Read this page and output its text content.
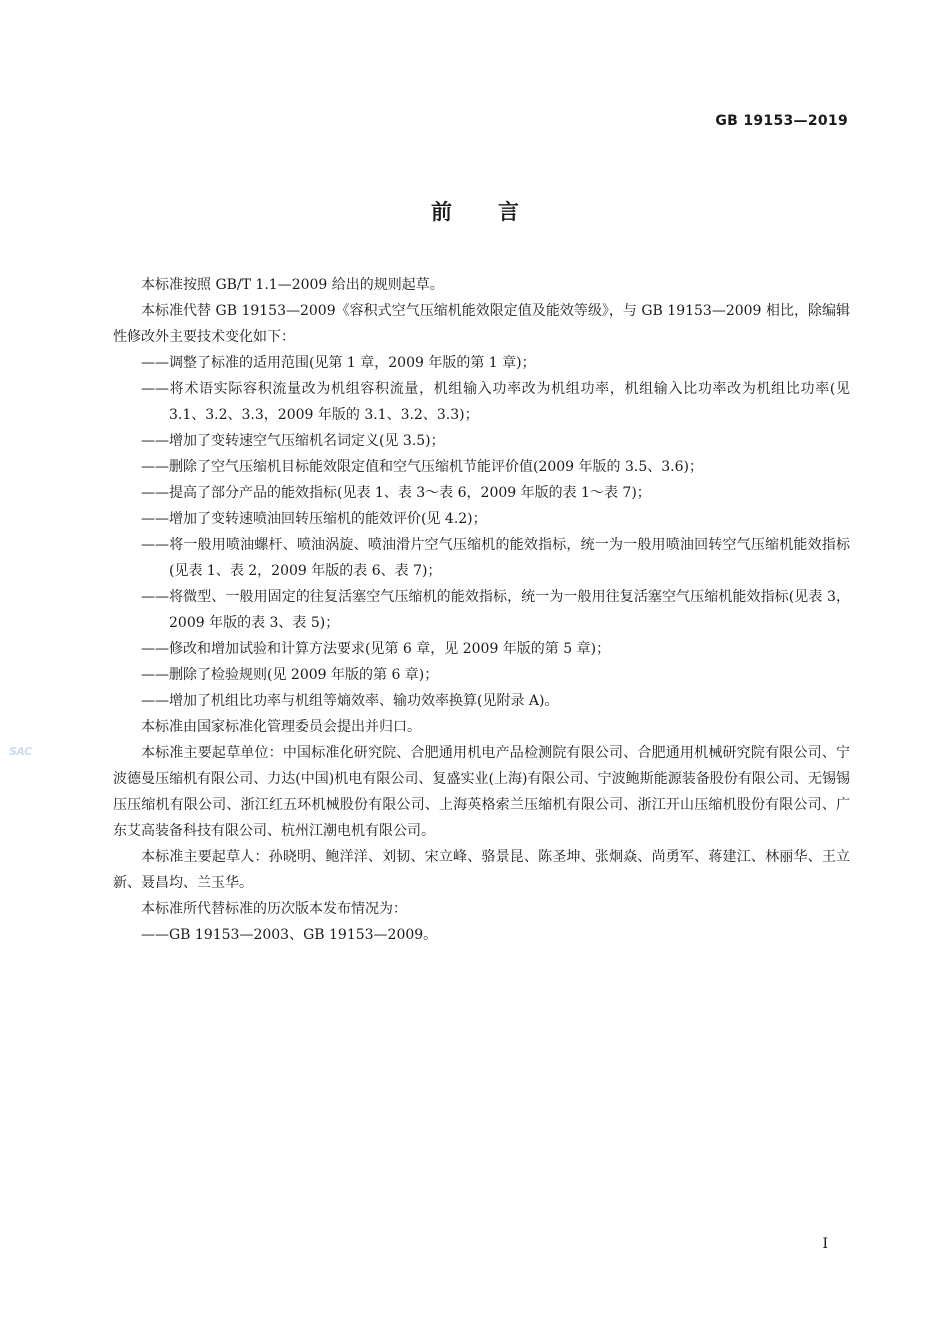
GB 19153—2019
前言
SAC

本标准按照 GB/T 1.1—2009 给出的规则起草。

本标准代替 GB 19153—2009《容积式空气压缩机能效限定值及能效等级》，与 GB 19153—2009 相比，除编辑性修改外主要技术变化如下：

——调整了标准的适用范围(见第 1 章，2009 年版的第 1 章)；

——将术语实际容积流量改为机组容积流量，机组输入功率改为机组功率，机组输入比功率改为机组比功率(见 3.1、3.2、3.3，2009 年版的 3.1、3.2、3.3)；

——增加了变转速空气压缩机名词定义(见 3.5)；

——删除了空气压缩机目标能效限定值和空气压缩机节能评价值(2009 年版的 3.5、3.6)；

——提高了部分产品的能效指标(见表 1、表 3～表 6，2009 年版的表 1～表 7)；

——增加了变转速喷油回转压缩机的能效评价(见 4.2)；

——将一般用喷油螺杆、喷油涡旋、喷油滑片空气压缩机的能效指标，统一为一般用喷油回转空气压缩机能效指标(见表 1、表 2，2009 年版的表 6、表 7)；

——将微型、一般用固定的往复活塞空气压缩机的能效指标，统一为一般用往复活塞空气压缩机能效指标(见表 3，2009 年版的表 3、表 5)；

——修改和增加试验和计算方法要求(见第 6 章，见 2009 年版的第 5 章)；

——删除了检验规则(见 2009 年版的第 6 章)；

——增加了机组比功率与机组等熵效率、输功效率换算(见附录 A)。

本标准由国家标准化管理委员会提出并归口。

本标准主要起草单位：中国标准化研究院、合肥通用机电产品检测院有限公司、合肥通用机械研究院有限公司、宁波德曼压缩机有限公司、力达(中国)机电有限公司、复盛实业(上海)有限公司、宁波鲍斯能源装备股份有限公司、无锡锡压压缩机有限公司、浙江红五环机械股份有限公司、上海英格索兰压缩机有限公司、浙江开山压缩机股份有限公司、广东艾高装备科技有限公司、杭州江潮电机有限公司。

本标准主要起草人：孙晓明、鲍洋洋、刘韧、宋立峰、骆景昆、陈圣坤、张炯焱、尚勇军、蒋建江、林丽华、王立新、聂昌均、兰玉华。

本标准所代替标准的历次版本发布情况为：

——GB 19153—2003、GB 19153—2009。

I
